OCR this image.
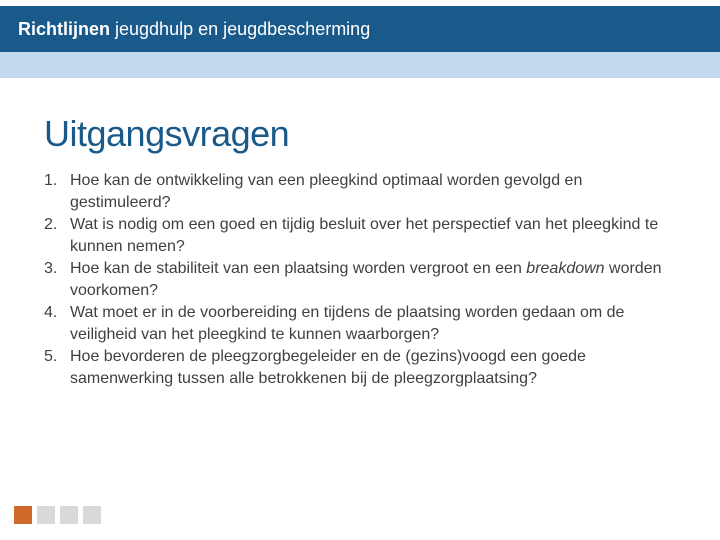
Richtlijnen jeugdhulp en jeugdbescherming
Uitgangsvragen
1. Hoe kan de ontwikkeling van een pleegkind optimaal worden gevolgd en gestimuleerd?
2. Wat is nodig om een goed en tijdig besluit over het perspectief van het pleegkind te kunnen nemen?
3. Hoe kan de stabiliteit van een plaatsing worden vergroot en een breakdown worden voorkomen?
4. Wat moet er in de voorbereiding en tijdens de plaatsing worden gedaan om de veiligheid van het pleegkind te kunnen waarborgen?
5. Hoe bevorderen de pleegzorgbegeleider en de (gezins)voogd een goede samenwerking tussen alle betrokkenen bij de pleegzorgplaatsing?
